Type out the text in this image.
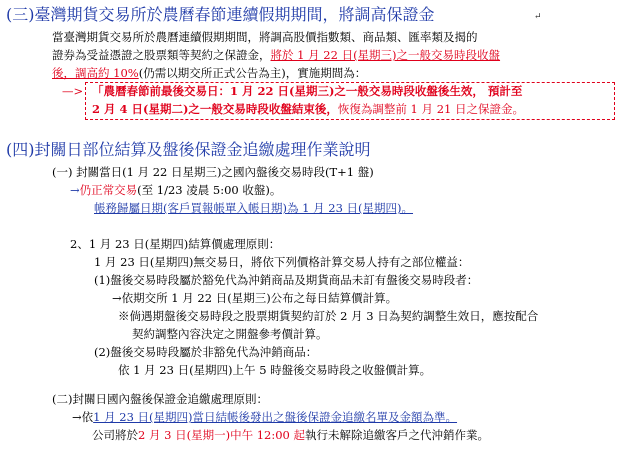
(三)臺灣期貨交易所於農曆春節連續假期期間，將調高保證金	↵
當臺灣期貨交易所於農曆連續假期期間，將調高股價指數類、商品類、匯率類及揭的
證券為受益憑證之股票類等契約之保證金，將於 1 月 22 日(星期三)之一般交易時段收盤
後，調高約 10%(仍需以期交所正式公告為主)，實施期間為：
—> 「農曆春節前最後交易日：1 月 22 日(星期三)之一般交易時段收盤後生效， 預計至
2 月 4 日(星期二)之一般交易時段收盤結束後，恢復為調整前 1 月 21 日之保證金。
(四)封關日部位結算及盤後保證金追繳處理作業說明
(一) 封關當日(1 月 22 日星期三)之國內盤後交易時段(T+1 盤)
→仍正常交易(至 1/23 凌晨 5:00 收盤)。
帳務歸屬日期(客戶買報帳單入帳日期)為 1 月 23 日(星期四)。
2、1 月 23 日(星期四)結算價處理原則：
1 月 23 日(星期四)無交易日，將依下列價格計算交易人持有之部位權益：
(1)盤後交易時段屬於豁免代為沖銷商品及期貨商品未訂有盤後交易時段者：
→依期交所 1 月 22 日(星期三)公布之每日結算價計算。
※倘遇期盤後交易時段之股票期貨契約訂於 2 月 3 日為契約調整生效日，應按配合
契約調整內容決定之開盤參考價計算。
(2)盤後交易時段屬於非豁免代為沖銷商品：
依 1 月 23 日(星期四)上午 5 時盤後交易時段之收盤價計算。
(二)封關日國內盤後保證金追繳處理原則：
→依1 月 23 日(星期四)當日結帳後發出之盤後保證金追繳名單及金額為準。
公司將於2 月 3 日(星期一)中午 12:00 起執行未解除追繳客戶之代沖銷作業。
